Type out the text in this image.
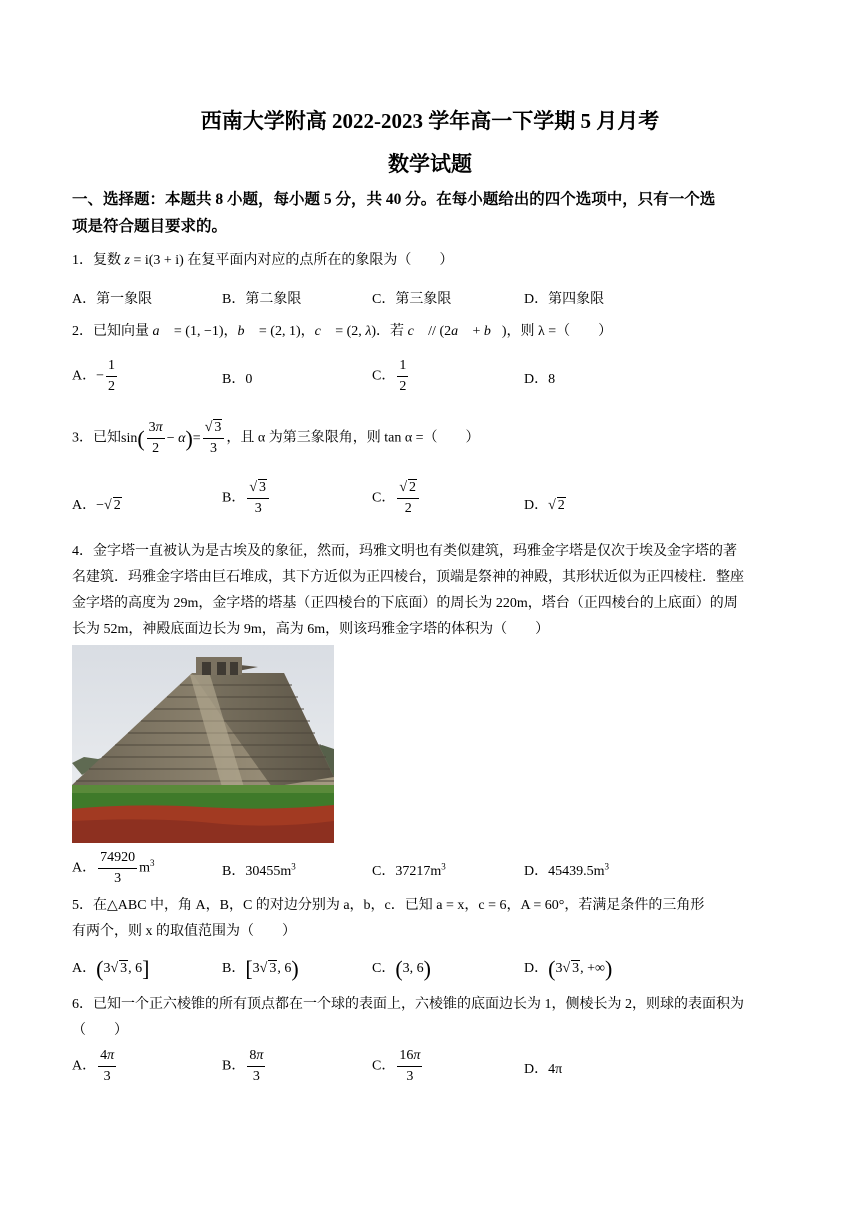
西南大学附高 2022-2023 学年高一下学期 5 月月考
数学试题
一、选择题：本题共 8 小题，每小题 5 分，共 40 分。在每小题给出的四个选项中，只有一个选
项是符合题目要求的。
1．复数 z = i(3 + i) 在复平面内对应的点所在的象限为（　　）
A．第一象限	B．第二象限	C．第三象限	D．第四象限
2．已知向量 a⃗ = (1, −1)，b⃗ = (2, 1)，c⃗ = (2, λ)．若 c⃗ // (2a⃗ + b⃗)，则 λ =（　　）
A．− $\frac{1}{2}$	B．0	C． $\frac{1}{2}$	D．8
3．已知$\sin( \frac{3\pi}{2} - \alpha)= \frac{√ 3}{3}$ ，且 α 为第三象限角，则 tan α =（　　）
A．−√ 2	B． $\frac{√ 3}{3}$	C． $\frac{√ 2}{2}$	D．√ 2
4．金字塔一直被认为是古埃及的象征，然而，玛雅文明也有类似建筑，玛雅金字塔是仅次于埃及金字塔的著
名建筑．玛雅金字塔由巨石堆成，其下方近似为正四棱台，顶端是祭神的神殿，其形状近似为正四棱柱．整座
金字塔的高度为 29m，金字塔的塔基（正四棱台的下底面）的周长为 220m，塔台（正四棱台的上底面）的周
长为 52m，神殿底面边长为 9m，高为 6m，则该玛雅金字塔的体积为（　　）
A． $\frac{74920}{3} m^3$
B．$30455m^3$	C．$37217m^3$	D．$45439.5m^3$
5．在△ABC 中，角 A，B，C 的对边分别为 a，b，c．已知 a = x，c = 6，A = 60°，若满足条件的三角形
有两个，则 x 的取值范围为（　　）
A．(3√ 3, 6]	B．[3√ 3, 6)	C．(3, 6)	D．(3√ 3, +∞)
6．已知一个正六棱锥的所有顶点都在一个球的表面上，六棱锥的底面边长为 1，侧棱长为 2，则球的表面积为
（　　）
A． $\frac{4\pi}{3}$	B． $\frac{8\pi}{3}$	C． $\frac{16\pi}{3}$	D．4π
